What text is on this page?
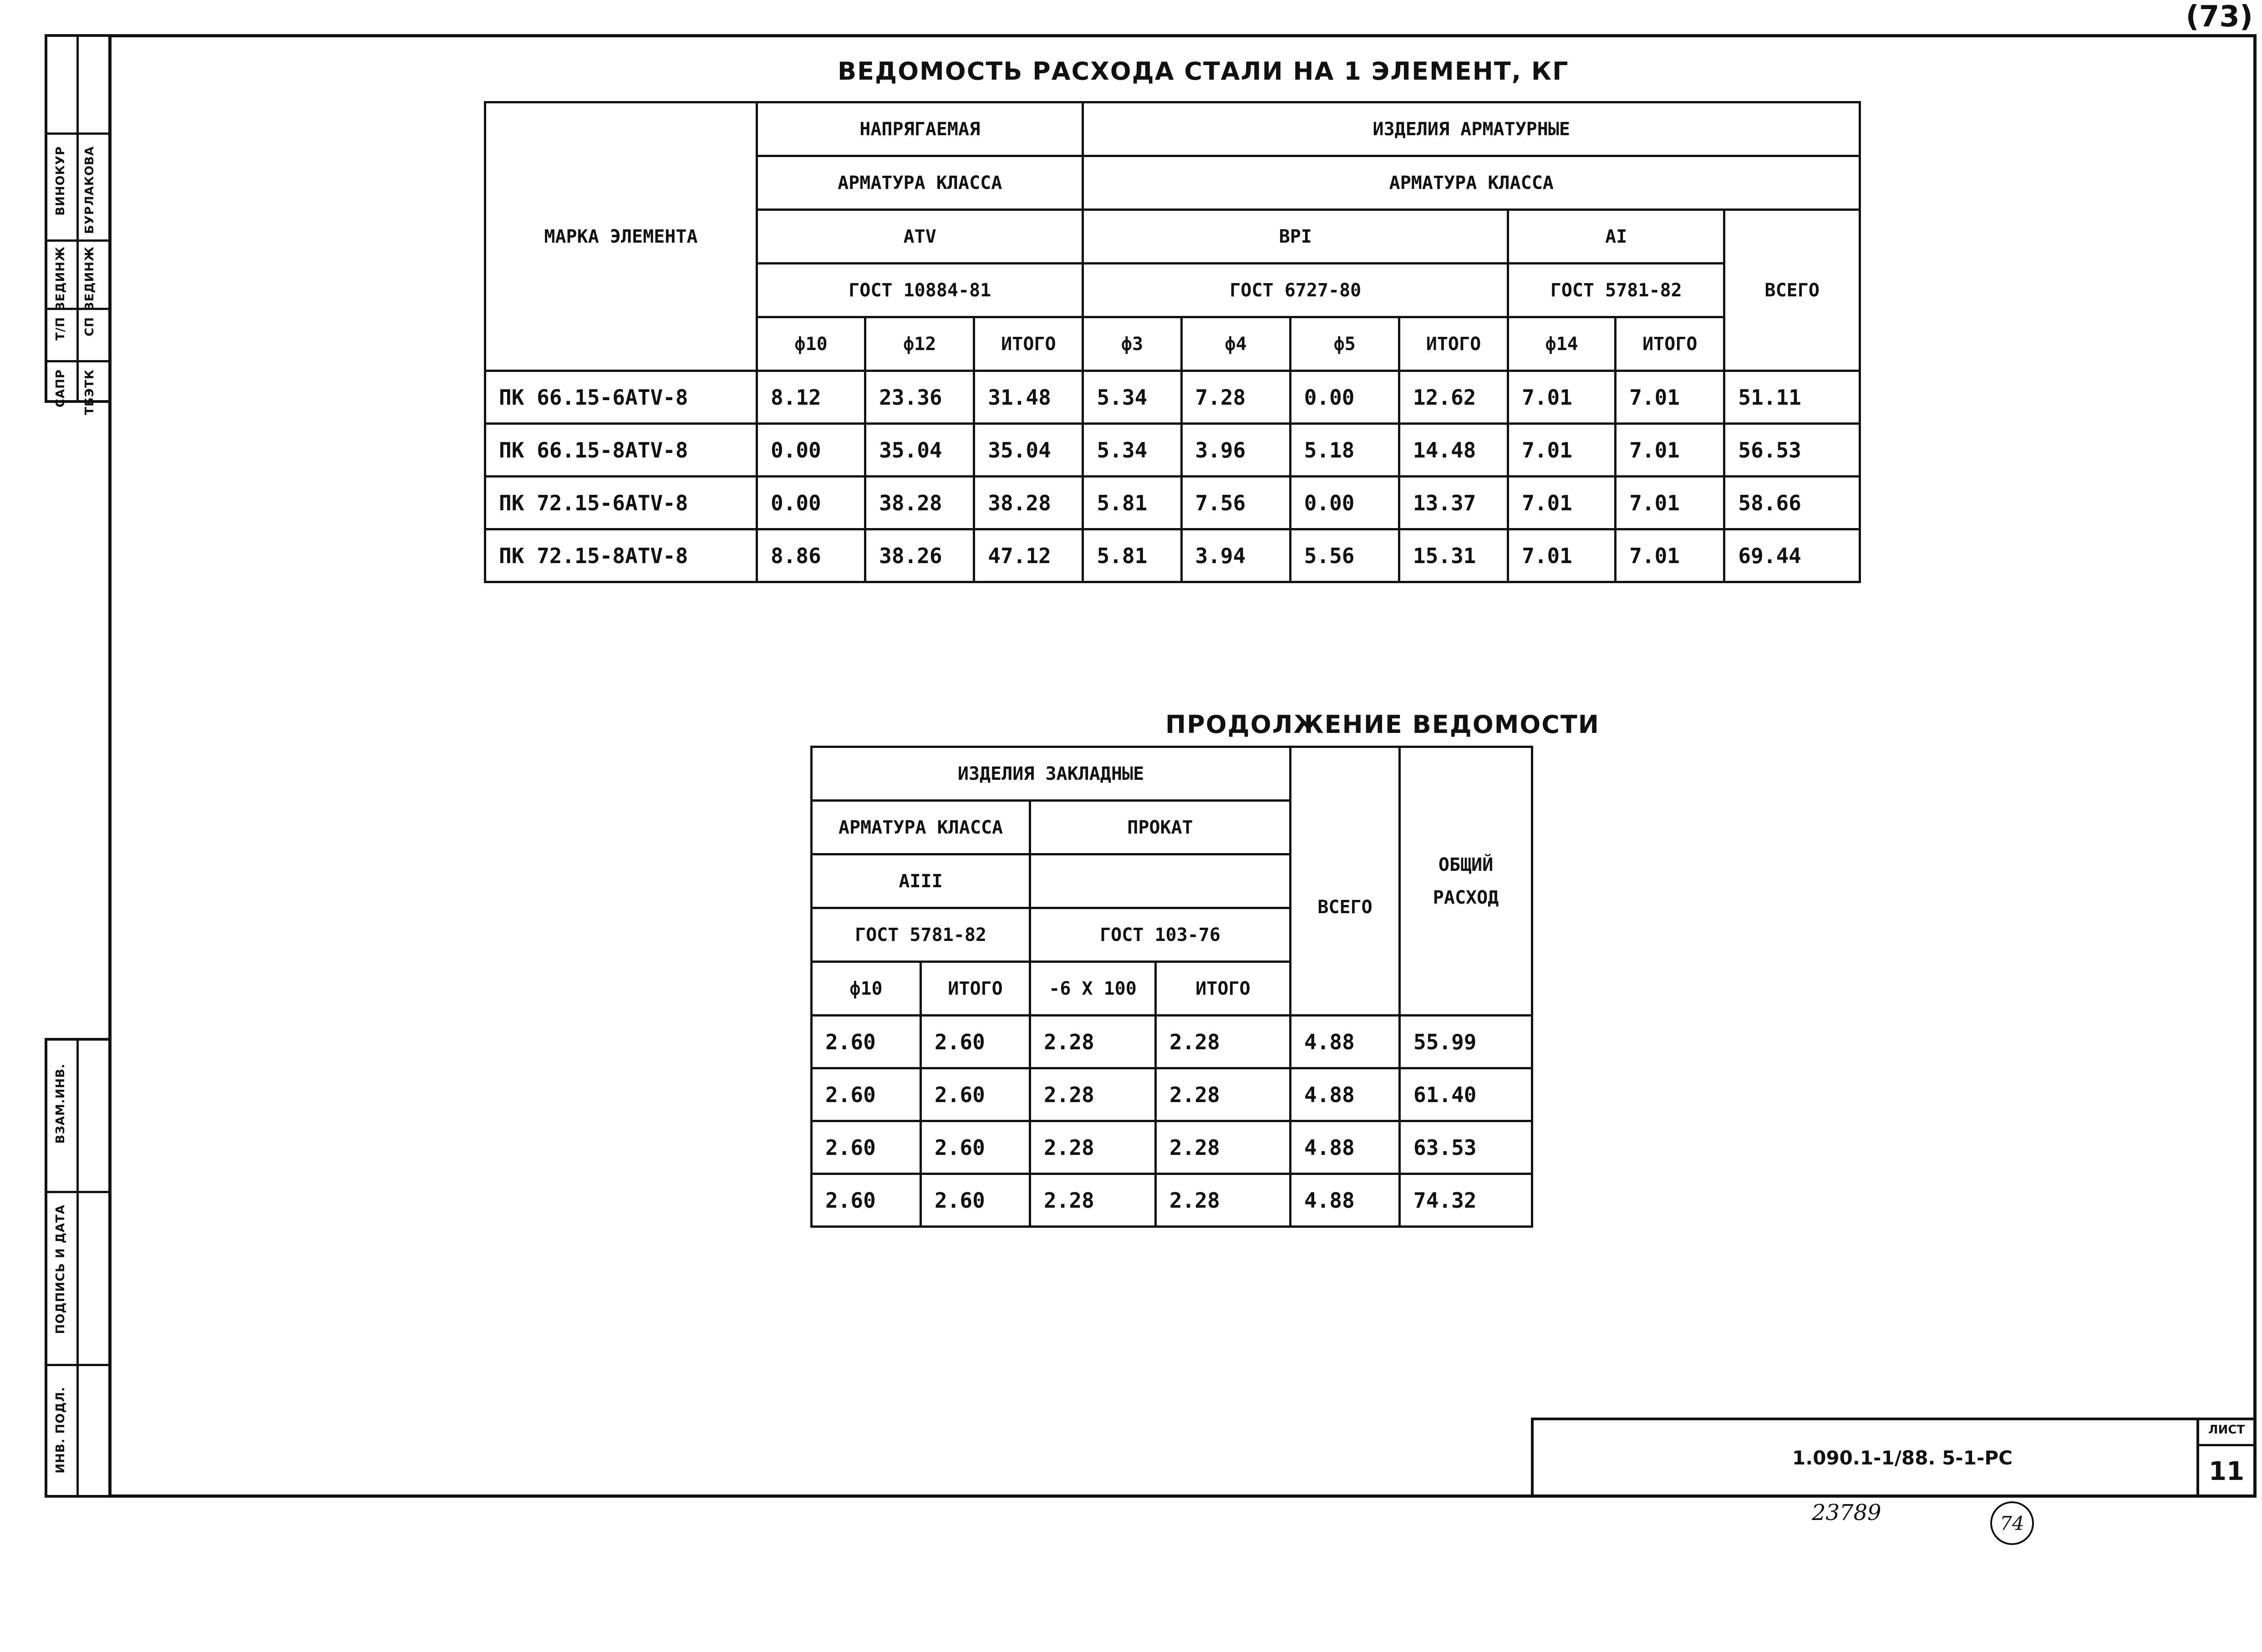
(73)
САПР
Т/П
ВЕДИНЖ
ВИНОКУР
ТБЭТК
СП
ВЕДИНЖ
БУРЛАКОВА
ИНВ. ПОДЛ.
ПОДПИСЬ И ДАТА
ВЗАМ.ИНВ.
ВЕДОМОСТЬ РАСХОДА СТАЛИ НА 1 ЭЛЕМЕНТ, КГ
МАРКА ЭЛЕМЕНТА	НАПРЯГАЕМАЯ			ИЗДЕЛИЯ АРМАТУРНЫЕ						
	АРМАТУРА КЛАССА			АРМАТУРА КЛАССА						
	АТV			ВРI				АI		ВСЕГО
	ГОСТ 10884-81			ГОСТ 6727-80				ГОСТ 5781-82		
	ф10	ф12	ИТОГО	ф3	ф4	ф5	ИТОГО	ф14	ИТОГО	
ПК 66.15-6АТV-8	8.12	23.36	31.48	5.34	7.28	0.00	12.62	7.01	7.01	51.11
ПК 66.15-8АТV-8	0.00	35.04	35.04	5.34	3.96	5.18	14.48	7.01	7.01	56.53
ПК 72.15-6АТV-8	0.00	38.28	38.28	5.81	7.56	0.00	13.37	7.01	7.01	58.66
ПК 72.15-8АТV-8	8.86	38.26	47.12	5.81	3.94	5.56	15.31	7.01	7.01	69.44
ПРОДОЛЖЕНИЕ ВЕДОМОСТИ
ИЗДЕЛИЯ ЗАКЛАДНЫЕ					ОБЩИЙ
РАСХОД
АРМАТУРА КЛАССА		ПРОКАТ		ВСЕГО	
АIII					
ГОСТ 5781-82		ГОСТ 103-76			
ф10	ИТОГО	-6 Х 100	ИТОГО		
2.60	2.60	2.28	2.28	4.88	55.99
2.60	2.60	2.28	2.28	4.88	61.40
2.60	2.60	2.28	2.28	4.88	63.53
2.60	2.60	2.28	2.28	4.88	74.32
1.090.1-1/88. 5-1-РС
ЛИСТ
11
23789	74
